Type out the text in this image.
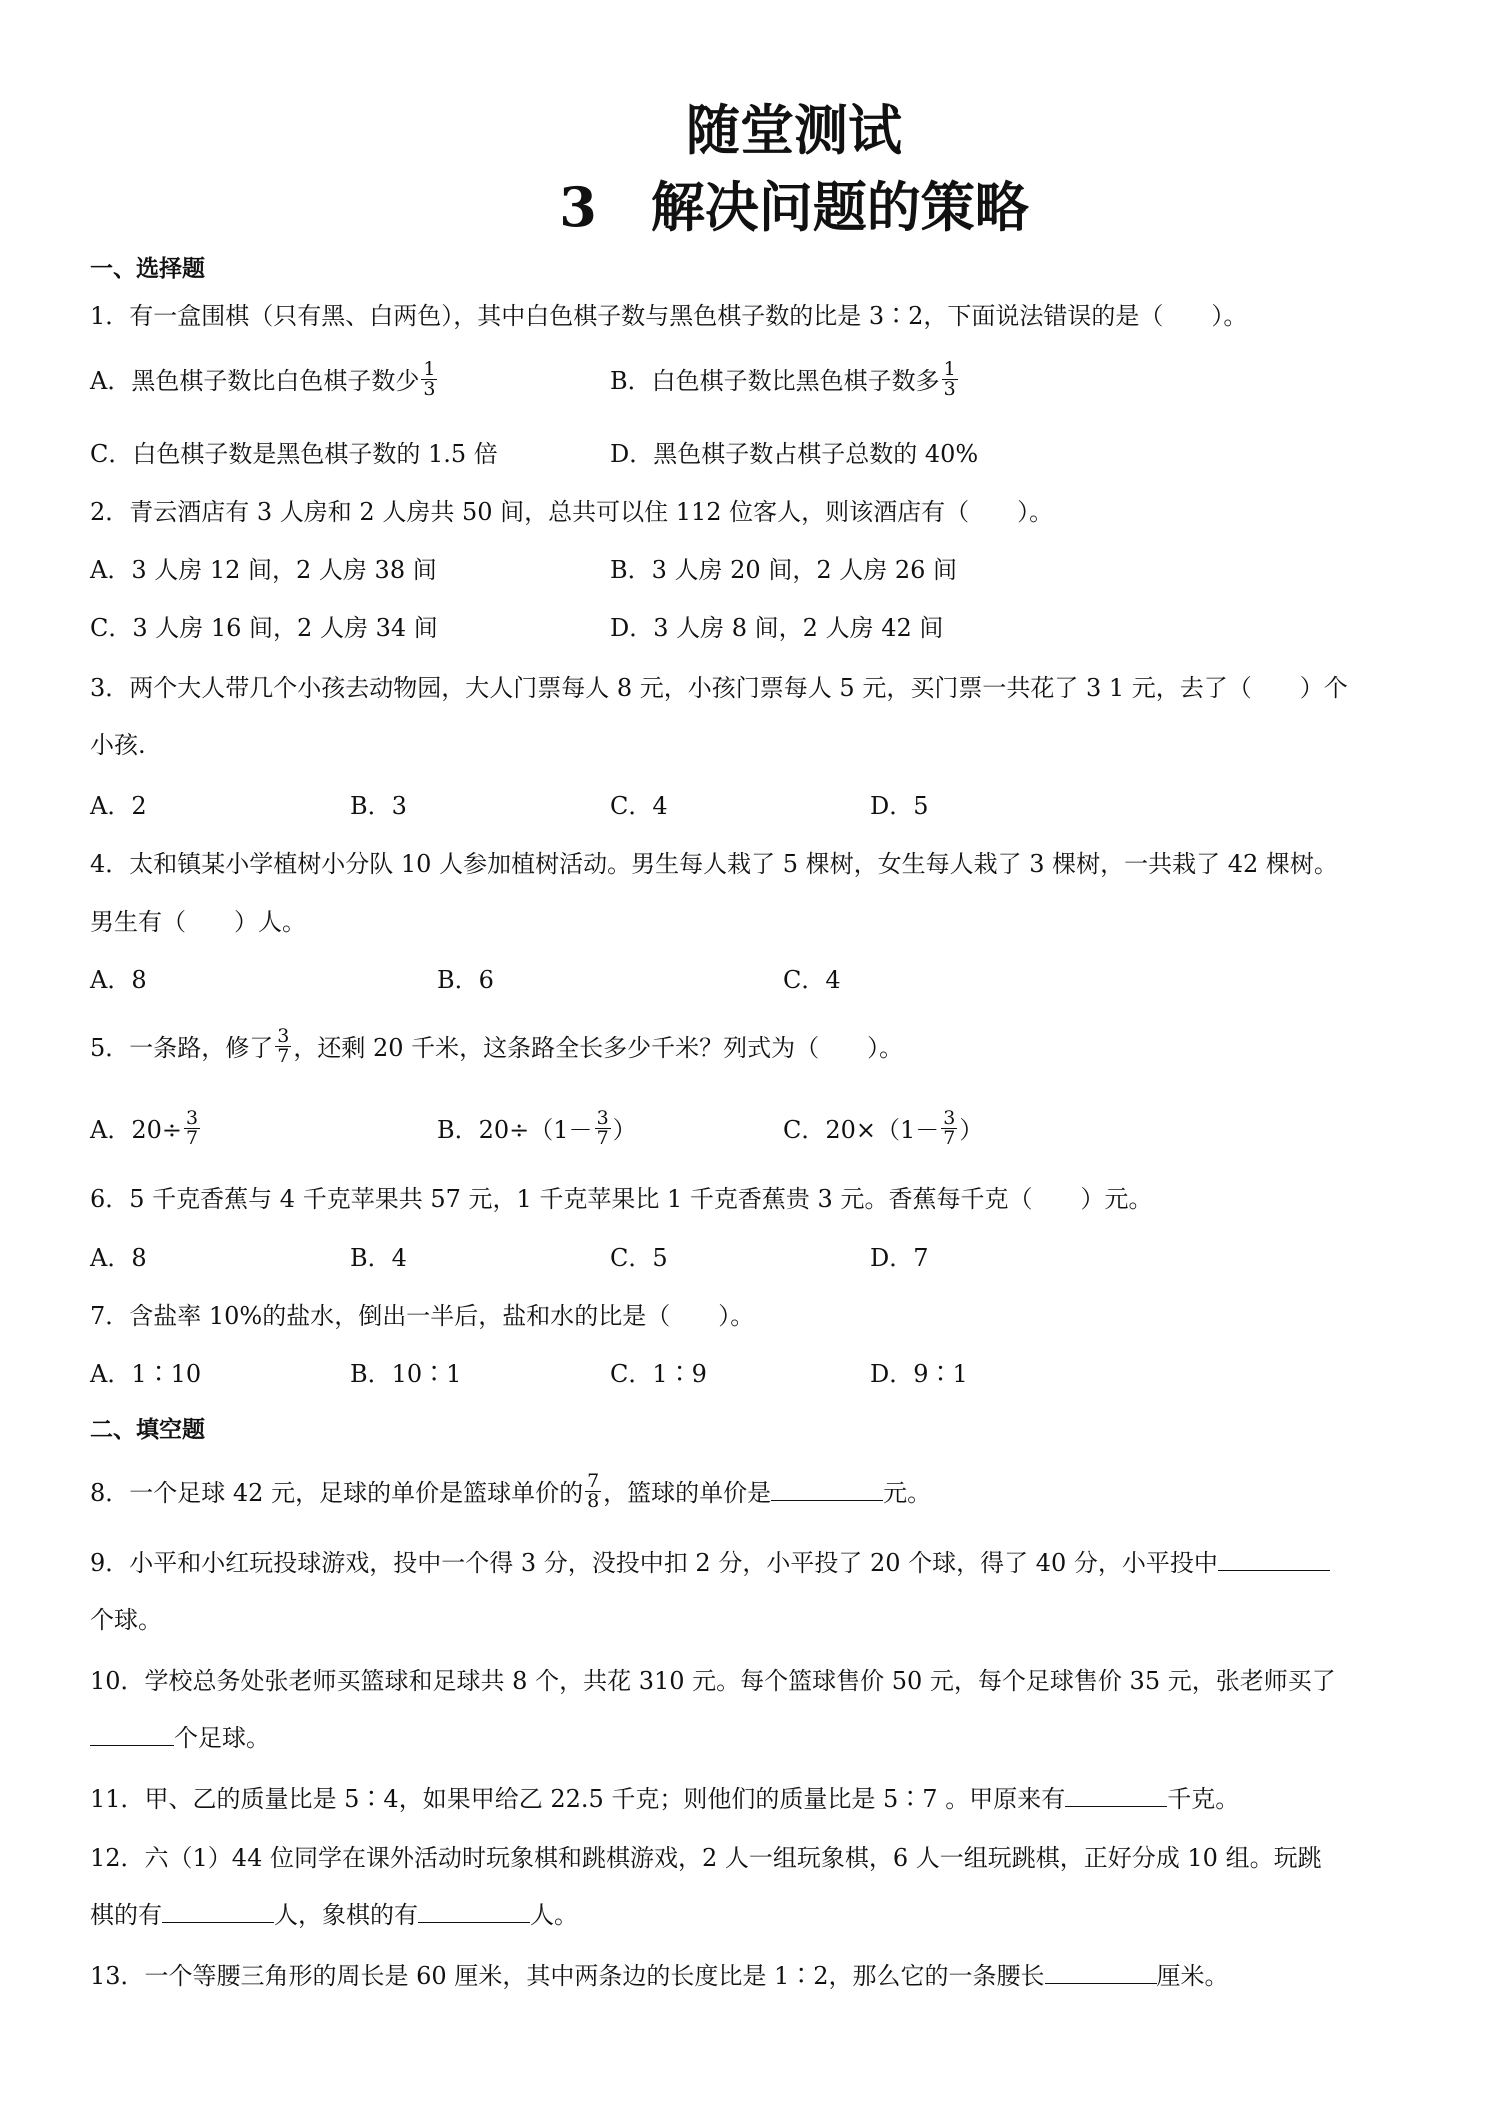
随堂测试
3　解决问题的策略
一、选择题
1．有一盒围棋（只有黑、白两色），其中白色棋子数与黑色棋子数的比是 3∶2，下面说法错误的是（　　）。
A．黑色棋子数比白色棋子数少 $\frac{1}{3}$	B．白色棋子数比黑色棋子数多 $\frac{1}{3}$
C．白色棋子数是黑色棋子数的 1.5 倍	D．黑色棋子数占棋子总数的 40%
2．青云酒店有 3 人房和 2 人房共 50 间，总共可以住 112 位客人，则该酒店有（　　）。
A．3 人房 12 间，2 人房 38 间	B．3 人房 20 间，2 人房 26 间
C．3 人房 16 间，2 人房 34 间	D．3 人房 8 间，2 人房 42 间
3．两个大人带几个小孩去动物园，大人门票每人 8 元，小孩门票每人 5 元，买门票一共花了 3 1 元，去了（　　）个
小孩.
A．2	B．3	C．4	D．5
4．太和镇某小学植树小分队 10 人参加植树活动。男生每人栽了 5 棵树，女生每人栽了 3 棵树，一共栽了 42 棵树。
男生有（　　）人。
A．8	B．6	C．4
5．一条路，修了 $\frac{3}{7}$ ，还剩 20 千米，这条路全长多少千米？列式为（　　）。
A．$20\div \frac{3}{7}$	B．$20\div(1- \frac{3}{7}$ ）	C．$20\times(1- \frac{3}{7}$ ）
6．5 千克香蕉与 4 千克苹果共 57 元，1 千克苹果比 1 千克香蕉贵 3 元。香蕉每千克（　　）元。
A．8	B．4	C．5	D．7
7．含盐率 10%的盐水，倒出一半后，盐和水的比是（　　）。
A．1∶10	B．10∶1	C．1∶9	D．9∶1
二、填空题
8．一个足球 42 元，足球的单价是篮球单价的 $\frac{7}{8}$ ，篮球的单价是	元。
9．小平和小红玩投球游戏，投中一个得 3 分，没投中扣 2 分，小平投了 20 个球，得了 40 分，小平投中
个球。
10．学校总务处张老师买篮球和足球共 8 个，共花 310 元。每个篮球售价 50 元，每个足球售价 35 元，张老师买了
个足球。
11．甲、乙的质量比是 5∶4，如果甲给乙 22.5 千克；则他们的质量比是 5∶7 。甲原来有	千克。
12．六（1）44 位同学在课外活动时玩象棋和跳棋游戏，2 人一组玩象棋，6 人一组玩跳棋，正好分成 10 组。玩跳
棋的有	人，象棋的有	人。
13．一个等腰三角形的周长是 60 厘米，其中两条边的长度比是 1∶2，那么它的一条腰长	厘米。
